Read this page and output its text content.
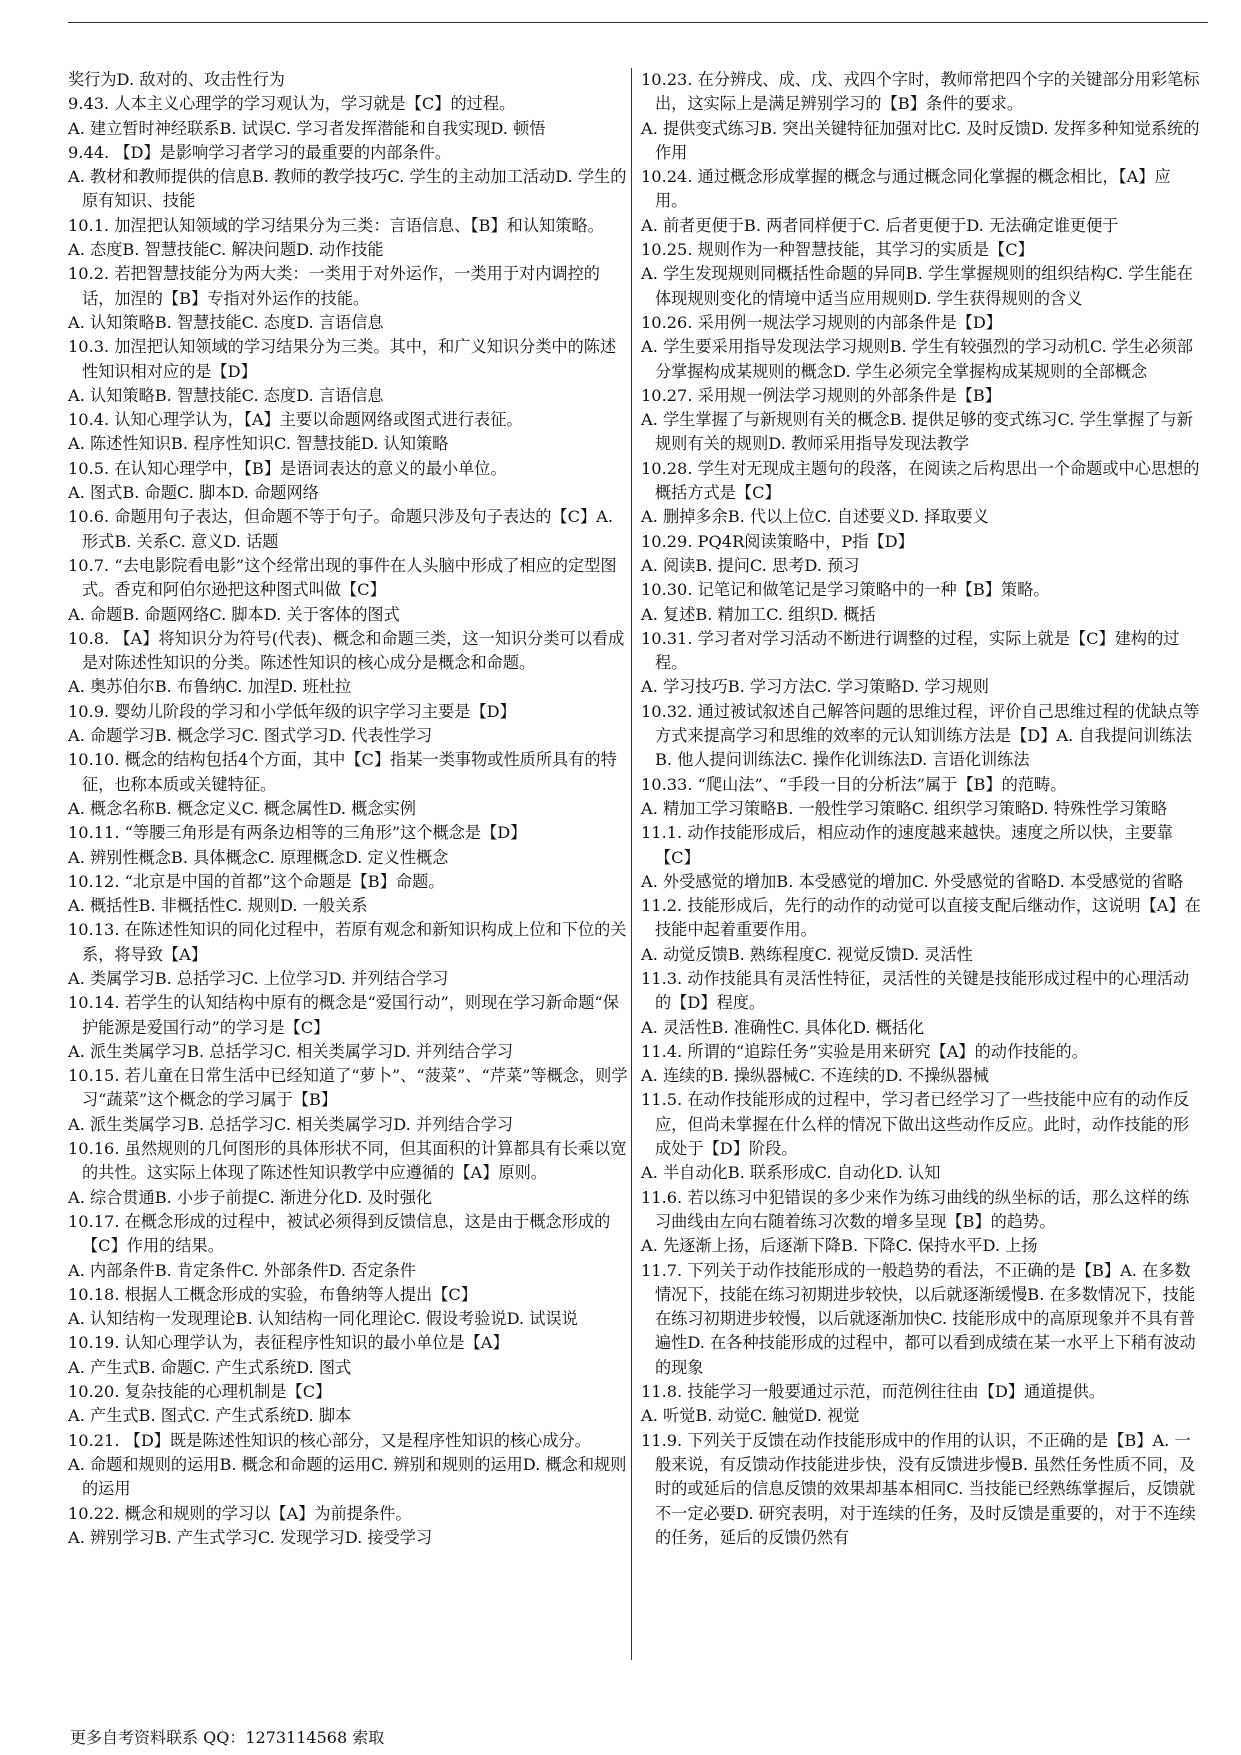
奖行为D. 敌对的、攻击性行为

9.43. 人本主义心理学的学习观认为，学习就是【C】的过程。

A. 建立暂时神经联系B. 试误C. 学习者发挥潜能和自我实现D. 顿悟

9.44. 【D】是影响学习者学习的最重要的内部条件。

A. 教材和教师提供的信息B. 教师的教学技巧C. 学生的主动加工活动D. 学生的原有知识、技能

10.1. 加涅把认知领域的学习结果分为三类：言语信息、【B】和认知策略。

A. 态度B. 智慧技能C. 解决问题D. 动作技能

10.2. 若把智慧技能分为两大类：一类用于对外运作，一类用于对内调控的话，加涅的【B】专指对外运作的技能。

A. 认知策略B. 智慧技能C. 态度D. 言语信息

10.3. 加涅把认知领域的学习结果分为三类。其中，和广义知识分类中的陈述性知识相对应的是【D】

A. 认知策略B. 智慧技能C. 态度D. 言语信息

10.4. 认知心理学认为，【A】主要以命题网络或图式进行表征。

A. 陈述性知识B. 程序性知识C. 智慧技能D. 认知策略

10.5. 在认知心理学中，【B】是语词表达的意义的最小单位。

A. 图式B. 命题C. 脚本D. 命题网络

10.6. 命题用句子表达，但命题不等于句子。命题只涉及句子表达的【C】A. 形式B. 关系C. 意义D. 话题

10.7. “去电影院看电影”这个经常出现的事件在人头脑中形成了相应的定型图式。香克和阿伯尔逊把这种图式叫做【C】

A. 命题B. 命题网络C. 脚本D. 关于客体的图式

10.8. 【A】将知识分为符号(代表)、概念和命题三类，这一知识分类可以看成是对陈述性知识的分类。陈述性知识的核心成分是概念和命题。

A. 奥苏伯尔B. 布鲁纳C. 加涅D. 班杜拉

10.9. 婴幼儿阶段的学习和小学低年级的识字学习主要是【D】

A. 命题学习B. 概念学习C. 图式学习D. 代表性学习

10.10. 概念的结构包括4个方面，其中【C】指某一类事物或性质所具有的特征，也称本质或关键特征。

A. 概念名称B. 概念定义C. 概念属性D. 概念实例

10.11. “等腰三角形是有两条边相等的三角形”这个概念是【D】

A. 辨别性概念B. 具体概念C. 原理概念D. 定义性概念

10.12. “北京是中国的首都”这个命题是【B】命题。

A. 概括性B. 非概括性C. 规则D. 一般关系

10.13. 在陈述性知识的同化过程中，若原有观念和新知识构成上位和下位的关系，将导致【A】

A. 类属学习B. 总括学习C. 上位学习D. 并列结合学习

10.14. 若学生的认知结构中原有的概念是“爱国行动”，则现在学习新命题“保护能源是爱国行动”的学习是【C】

A. 派生类属学习B. 总括学习C. 相关类属学习D. 并列结合学习

10.15. 若儿童在日常生活中已经知道了“萝卜”、“菠菜”、“芹菜”等概念，则学习“蔬菜”这个概念的学习属于【B】

A. 派生类属学习B. 总括学习C. 相关类属学习D. 并列结合学习

10.16. 虽然规则的几何图形的具体形状不同，但其面积的计算都具有长乘以宽的共性。这实际上体现了陈述性知识教学中应遵循的【A】原则。

A. 综合贯通B. 小步子前提C. 渐进分化D. 及时强化

10.17. 在概念形成的过程中，被试必须得到反馈信息，这是由于概念形成的【C】作用的结果。

A. 内部条件B. 肯定条件C. 外部条件D. 否定条件

10.18. 根据人工概念形成的实验，布鲁纳等人提出【C】

A. 认知结构一发现理论B. 认知结构一同化理论C. 假设考验说D. 试误说

10.19. 认知心理学认为，表征程序性知识的最小单位是【A】

A. 产生式B. 命题C. 产生式系统D. 图式

10.20. 复杂技能的心理机制是【C】

A. 产生式B. 图式C. 产生式系统D. 脚本

10.21. 【D】既是陈述性知识的核心部分，又是程序性知识的核心成分。

A. 命题和规则的运用B. 概念和命题的运用C. 辨别和规则的运用D. 概念和规则的运用

10.22. 概念和规则的学习以【A】为前提条件。

A. 辨别学习B. 产生式学习C. 发现学习D. 接受学习

10.23. 在分辨戌、成、戊、戎四个字时，教师常把四个字的关键部分用彩笔标出，这实际上是满足辨别学习的【B】条件的要求。

A. 提供变式练习B. 突出关键特征加强对比C. 及时反馈D. 发挥多种知觉系统的作用

10.24. 通过概念形成掌握的概念与通过概念同化掌握的概念相比，【A】应用。

A. 前者更便于B. 两者同样便于C. 后者更便于D. 无法确定谁更便于

10.25. 规则作为一种智慧技能，其学习的实质是【C】

A. 学生发现规则同概括性命题的异同B. 学生掌握规则的组织结构C. 学生能在体现规则变化的情境中适当应用规则D. 学生获得规则的含义

10.26. 采用例一规法学习规则的内部条件是【D】

A. 学生要采用指导发现法学习规则B. 学生有较强烈的学习动机C. 学生必须部分掌握构成某规则的概念D. 学生必须完全掌握构成某规则的全部概念

10.27. 采用规一例法学习规则的外部条件是【B】

A. 学生掌握了与新规则有关的概念B. 提供足够的变式练习C. 学生掌握了与新规则有关的规则D. 教师采用指导发现法教学

10.28. 学生对无现成主题句的段落，在阅读之后构思出一个命题或中心思想的概括方式是【C】

A. 删掉多余B. 代以上位C. 自述要义D. 择取要义

10.29. PQ4R阅读策略中，P指【D】

A. 阅读B. 提问C. 思考D. 预习

10.30. 记笔记和做笔记是学习策略中的一种【B】策略。

A. 复述B. 精加工C. 组织D. 概括

10.31. 学习者对学习活动不断进行调整的过程，实际上就是【C】建构的过程。

A. 学习技巧B. 学习方法C. 学习策略D. 学习规则

10.32. 通过被试叙述自己解答问题的思维过程，评价自己思维过程的优缺点等方式来提高学习和思维的效率的元认知训练方法是【D】A. 自我提问训练法B. 他人提问训练法C. 操作化训练法D. 言语化训练法

10.33. “爬山法”、“手段一目的分析法”属于【B】的范畴。

A. 精加工学习策略B. 一般性学习策略C. 组织学习策略D. 特殊性学习策略

11.1. 动作技能形成后，相应动作的速度越来越快。速度之所以快，主要靠【C】

A. 外受感觉的增加B. 本受感觉的增加C. 外受感觉的省略D. 本受感觉的省略

11.2. 技能形成后，先行的动作的动觉可以直接支配后继动作，这说明【A】在技能中起着重要作用。

A. 动觉反馈B. 熟练程度C. 视觉反馈D. 灵活性

11.3. 动作技能具有灵活性特征，灵活性的关键是技能形成过程中的心理活动的【D】程度。

A. 灵活性B. 准确性C. 具体化D. 概括化

11.4. 所谓的“追踪任务”实验是用来研究【A】的动作技能的。

A. 连续的B. 操纵器械C. 不连续的D. 不操纵器械

11.5. 在动作技能形成的过程中，学习者已经学习了一些技能中应有的动作反应，但尚未掌握在什么样的情况下做出这些动作反应。此时，动作技能的形成处于【D】阶段。

A. 半自动化B. 联系形成C. 自动化D. 认知

11.6. 若以练习中犯错误的多少来作为练习曲线的纵坐标的话，那么这样的练习曲线由左向右随着练习次数的增多呈现【B】的趋势。

A. 先逐渐上扬，后逐渐下降B. 下降C. 保持水平D. 上扬

11.7. 下列关于动作技能形成的一般趋势的看法，不正确的是【B】A. 在多数情况下，技能在练习初期进步较快，以后就逐渐缓慢B. 在多数情况下，技能在练习初期进步较慢，以后就逐渐加快C. 技能形成中的高原现象并不具有普遍性D. 在各种技能形成的过程中，都可以看到成绩在某一水平上下稍有波动的现象

11.8. 技能学习一般要通过示范，而范例往往由【D】通道提供。

A. 听觉B. 动觉C. 触觉D. 视觉

11.9. 下列关于反馈在动作技能形成中的作用的认识，不正确的是【B】A. 一般来说，有反馈动作技能进步快，没有反馈进步慢B. 虽然任务性质不同，及时的或延后的信息反馈的效果却基本相同C. 当技能已经熟练掌握后，反馈就不一定必要D. 研究表明，对于连续的任务，及时反馈是重要的，对于不连续的任务，延后的反馈仍然有

更多自考资料联系 QQ：1273114568 索取
